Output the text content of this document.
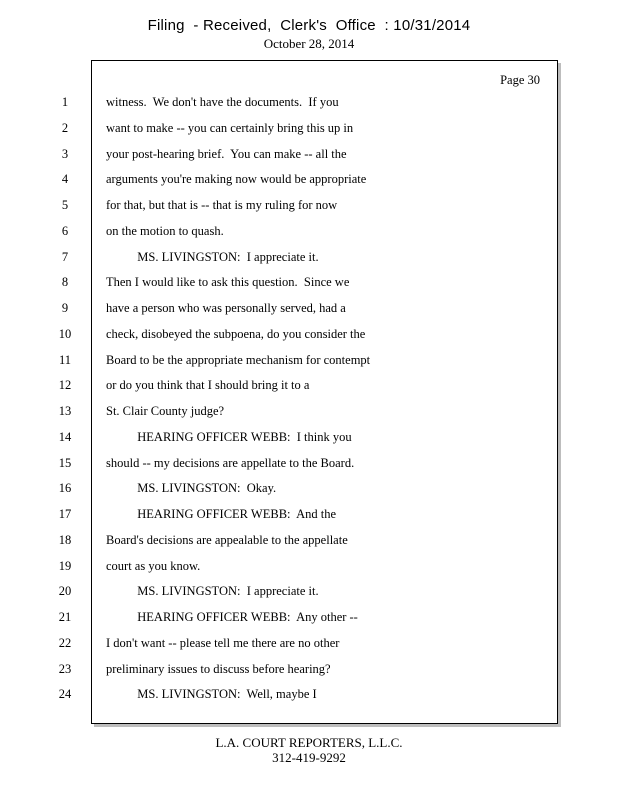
Filing  - Received,  Clerk's  Office  : 10/31/2014
October 28, 2014
Page 30
1	witness.  We don't have the documents.  If you
2	want to make -- you can certainly bring this up in
3	your post-hearing brief.  You can make -- all the
4	arguments you're making now would be appropriate
5	for that, but that is -- that is my ruling for now
6	on the motion to quash.
7	MS. LIVINGSTON:  I appreciate it.
8	Then I would like to ask this question.  Since we
9	have a person who was personally served, had a
10	check, disobeyed the subpoena, do you consider the
11	Board to be the appropriate mechanism for contempt
12	or do you think that I should bring it to a
13	St. Clair County judge?
14	HEARING OFFICER WEBB:  I think you
15	should -- my decisions are appellate to the Board.
16	MS. LIVINGSTON:  Okay.
17	HEARING OFFICER WEBB:  And the
18	Board's decisions are appealable to the appellate
19	court as you know.
20	MS. LIVINGSTON:  I appreciate it.
21	HEARING OFFICER WEBB:  Any other --
22	I don't want -- please tell me there are no other
23	preliminary issues to discuss before hearing?
24	MS. LIVINGSTON:  Well, maybe I
L.A. COURT REPORTERS, L.L.C.
312-419-9292
